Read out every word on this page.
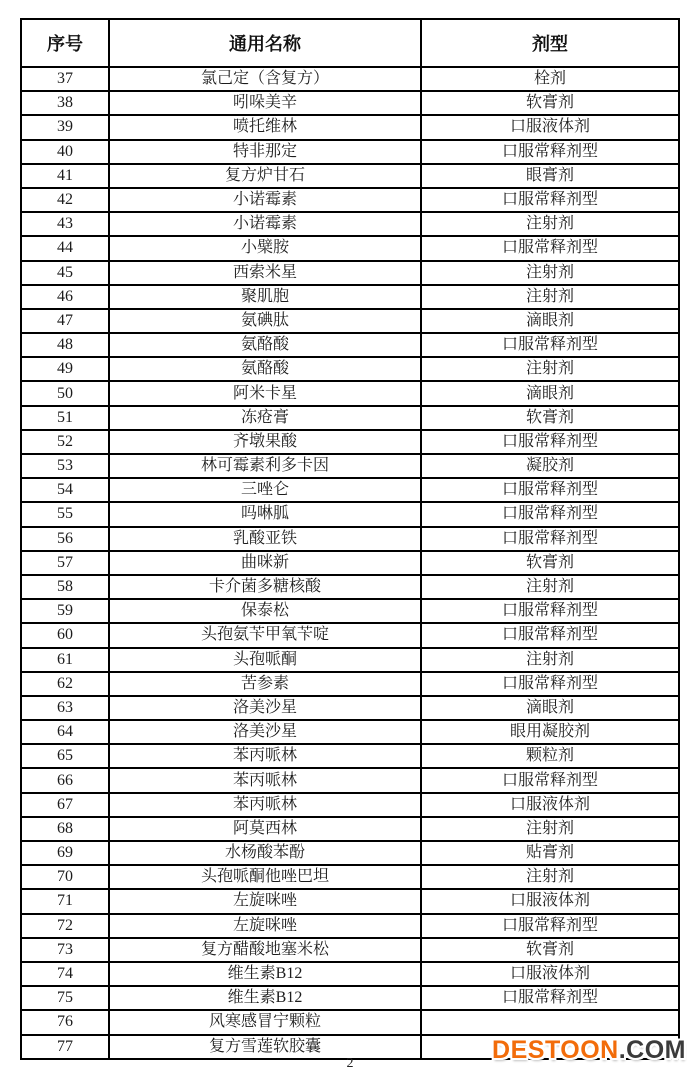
序号	通用名称	剂型
37	氯己定（含复方）	栓剂
38	吲哚美辛	软膏剂
39	喷托维林	口服液体剂
40	特非那定	口服常释剂型
41	复方炉甘石	眼膏剂
42	小诺霉素	口服常释剂型
43	小诺霉素	注射剂
44	小檗胺	口服常释剂型
45	西索米星	注射剂
46	聚肌胞	注射剂
47	氨碘肽	滴眼剂
48	氨酪酸	口服常释剂型
49	氨酪酸	注射剂
50	阿米卡星	滴眼剂
51	冻疮膏	软膏剂
52	齐墩果酸	口服常释剂型
53	林可霉素利多卡因	凝胶剂
54	三唑仑	口服常释剂型
55	吗啉胍	口服常释剂型
56	乳酸亚铁	口服常释剂型
57	曲咪新	软膏剂
58	卡介菌多糖核酸	注射剂
59	保泰松	口服常释剂型
60	头孢氨苄甲氧苄啶	口服常释剂型
61	头孢哌酮	注射剂
62	苦参素	口服常释剂型
63	洛美沙星	滴眼剂
64	洛美沙星	眼用凝胶剂
65	苯丙哌林	颗粒剂
66	苯丙哌林	口服常释剂型
67	苯丙哌林	口服液体剂
68	阿莫西林	注射剂
69	水杨酸苯酚	贴膏剂
70	头孢哌酮他唑巴坦	注射剂
71	左旋咪唑	口服液体剂
72	左旋咪唑	口服常释剂型
73	复方醋酸地塞米松	软膏剂
74	维生素B12	口服液体剂
75	维生素B12	口服常释剂型
76	风寒感冒宁颗粒	
77	复方雪莲软胶囊	
2	DESTOON.COM
